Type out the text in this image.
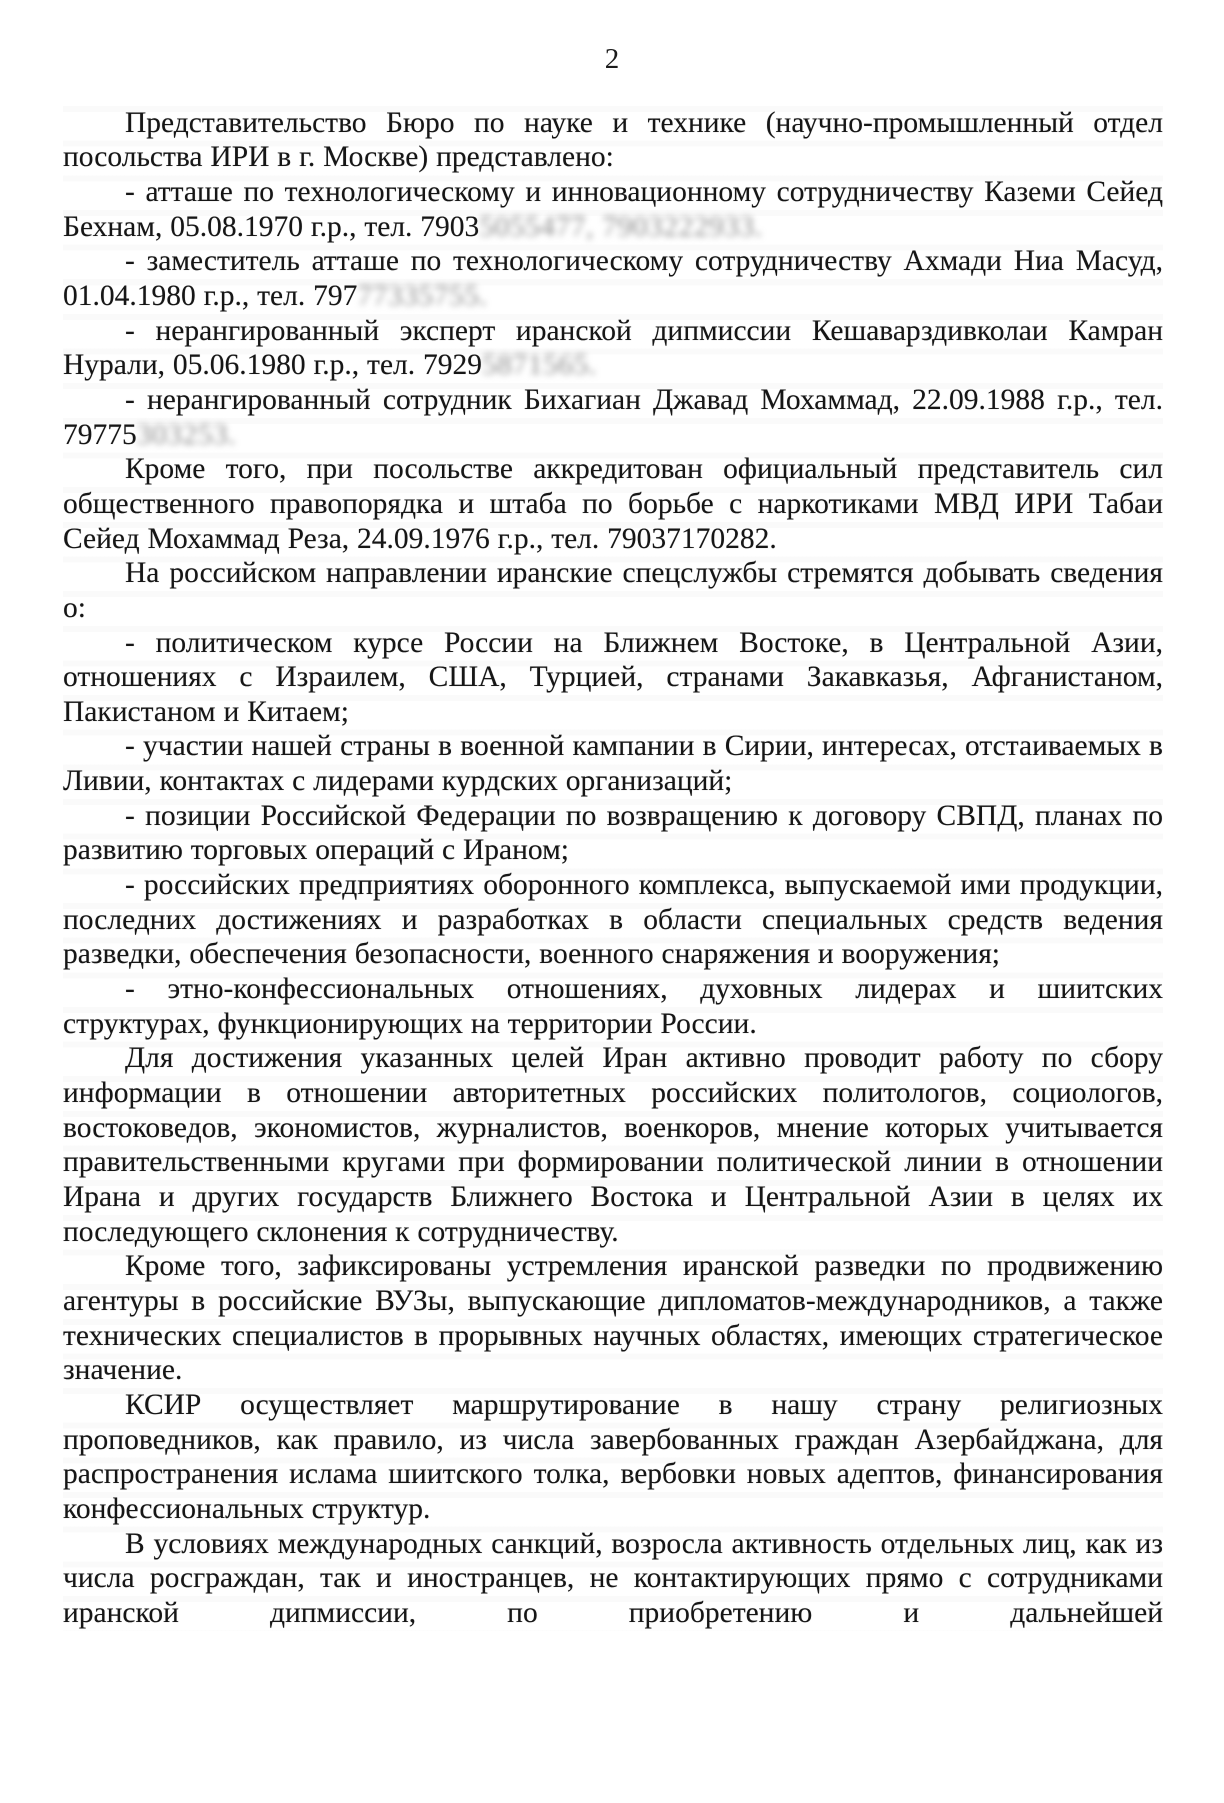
2

Представительство Бюро по науке и технике (научно-промышленный отдел посольства ИРИ в г. Москве) представлено:

- атташе по технологическому и инновационному сотрудничеству Каземи Сейед Бехнам, 05.08.1970 г.р., тел. 79035055477, 7903222933.

- заместитель атташе по технологическому сотрудничеству Ахмади Ниа Масуд, 01.04.1980 г.р., тел. 79777335755.

- нерангированный эксперт иранской дипмиссии Кешаварздивколаи Камран Нурали, 05.06.1980 г.р., тел. 79295871565.

- нерангированный сотрудник Бихагиан Джавад Мохаммад, 22.09.1988 г.р., тел. 79775303253.

Кроме того, при посольстве аккредитован официальный представитель сил общественного правопорядка и штаба по борьбе с наркотиками МВД ИРИ Табаи Сейед Мохаммад Реза, 24.09.1976 г.р., тел. 79037170282.

На российском направлении иранские спецслужбы стремятся добывать сведения о:

- политическом курсе России на Ближнем Востоке, в Центральной Азии, отношениях с Израилем, США, Турцией, странами Закавказья, Афганистаном, Пакистаном и Китаем;

- участии нашей страны в военной кампании в Сирии, интересах, отстаиваемых в Ливии, контактах с лидерами курдских организаций;

- позиции Российской Федерации по возвращению к договору СВПД, планах по развитию торговых операций с Ираном;

- российских предприятиях оборонного комплекса, выпускаемой ими продукции, последних достижениях и разработках в области специальных средств ведения разведки, обеспечения безопасности, военного снаряжения и вооружения;

- этно-конфессиональных отношениях, духовных лидерах и шиитских структурах, функционирующих на территории России.

Для достижения указанных целей Иран активно проводит работу по сбору информации в отношении авторитетных российских политологов, социологов, востоковедов, экономистов, журналистов, военкоров, мнение которых учитывается правительственными кругами при формировании политической линии в отношении Ирана и других государств Ближнего Востока и Центральной Азии в целях их последующего склонения к сотрудничеству.

Кроме того, зафиксированы устремления иранской разведки по продвижению агентуры в российские ВУЗы, выпускающие дипломатов-международников, а также технических специалистов в прорывных научных областях, имеющих стратегическое значение.

КСИР осуществляет маршрутирование в нашу страну религиозных проповедников, как правило, из числа завербованных граждан Азербайджана, для распространения ислама шиитского толка, вербовки новых адептов, финансирования конфессиональных структур.

В условиях международных санкций, возросла активность отдельных лиц, как из числа росграждан, так и иностранцев, не контактирующих прямо с сотрудниками иранской дипмиссии, по приобретению и дальнейшей
